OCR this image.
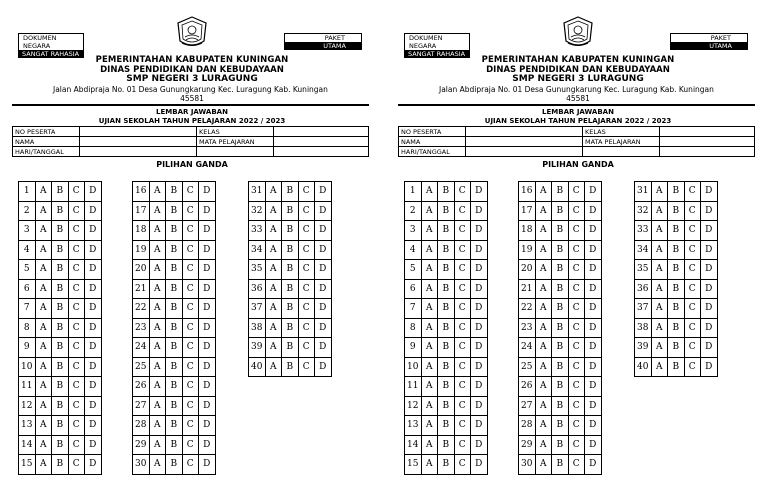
DOKUMEN NEGARA
SANGAT RAHASIA
PAKET
UTAMA
PEMERINTAHAN KABUPATEN KUNINGAN
DINAS PENDIDIKAN DAN KEBUDAYAAN
SMP NEGERI 3 LURAGUNG
Jalan Abdipraja No. 01 Desa Gunungkarung Kec. Luragung Kab. Kuningan
45581
LEMBAR JAWABAN
UJIAN SEKOLAH TAHUN PELAJARAN 2022 / 2023
NO PESERTA		KELAS	
NAMA		MATA PELAJARAN	
HARI/TANGGAL			
PILIHAN GANDA
1	A	B	C	D
2	A	B	C	D
3	A	B	C	D
4	A	B	C	D
5	A	B	C	D
6	A	B	C	D
7	A	B	C	D
8	A	B	C	D
9	A	B	C	D
10	A	B	C	D
11	A	B	C	D
12	A	B	C	D
13	A	B	C	D
14	A	B	C	D
15	A	B	C	D
16	A	B	C	D
17	A	B	C	D
18	A	B	C	D
19	A	B	C	D
20	A	B	C	D
21	A	B	C	D
22	A	B	C	D
23	A	B	C	D
24	A	B	C	D
25	A	B	C	D
26	A	B	C	D
27	A	B	C	D
28	A	B	C	D
29	A	B	C	D
30	A	B	C	D
31	A	B	C	D
32	A	B	C	D
33	A	B	C	D
34	A	B	C	D
35	A	B	C	D
36	A	B	C	D
37	A	B	C	D
38	A	B	C	D
39	A	B	C	D
40	A	B	C	D
DOKUMEN NEGARA
SANGAT RAHASIA
PAKET
UTAMA
PEMERINTAHAN KABUPATEN KUNINGAN
DINAS PENDIDIKAN DAN KEBUDAYAAN
SMP NEGERI 3 LURAGUNG
Jalan Abdipraja No. 01 Desa Gunungkarung Kec. Luragung Kab. Kuningan
45581
LEMBAR JAWABAN
UJIAN SEKOLAH TAHUN PELAJARAN 2022 / 2023
NO PESERTA		KELAS	
NAMA		MATA PELAJARAN	
HARI/TANGGAL			
PILIHAN GANDA
1	A	B	C	D
2	A	B	C	D
3	A	B	C	D
4	A	B	C	D
5	A	B	C	D
6	A	B	C	D
7	A	B	C	D
8	A	B	C	D
9	A	B	C	D
10	A	B	C	D
11	A	B	C	D
12	A	B	C	D
13	A	B	C	D
14	A	B	C	D
15	A	B	C	D
16	A	B	C	D
17	A	B	C	D
18	A	B	C	D
19	A	B	C	D
20	A	B	C	D
21	A	B	C	D
22	A	B	C	D
23	A	B	C	D
24	A	B	C	D
25	A	B	C	D
26	A	B	C	D
27	A	B	C	D
28	A	B	C	D
29	A	B	C	D
30	A	B	C	D
31	A	B	C	D
32	A	B	C	D
33	A	B	C	D
34	A	B	C	D
35	A	B	C	D
36	A	B	C	D
37	A	B	C	D
38	A	B	C	D
39	A	B	C	D
40	A	B	C	D
